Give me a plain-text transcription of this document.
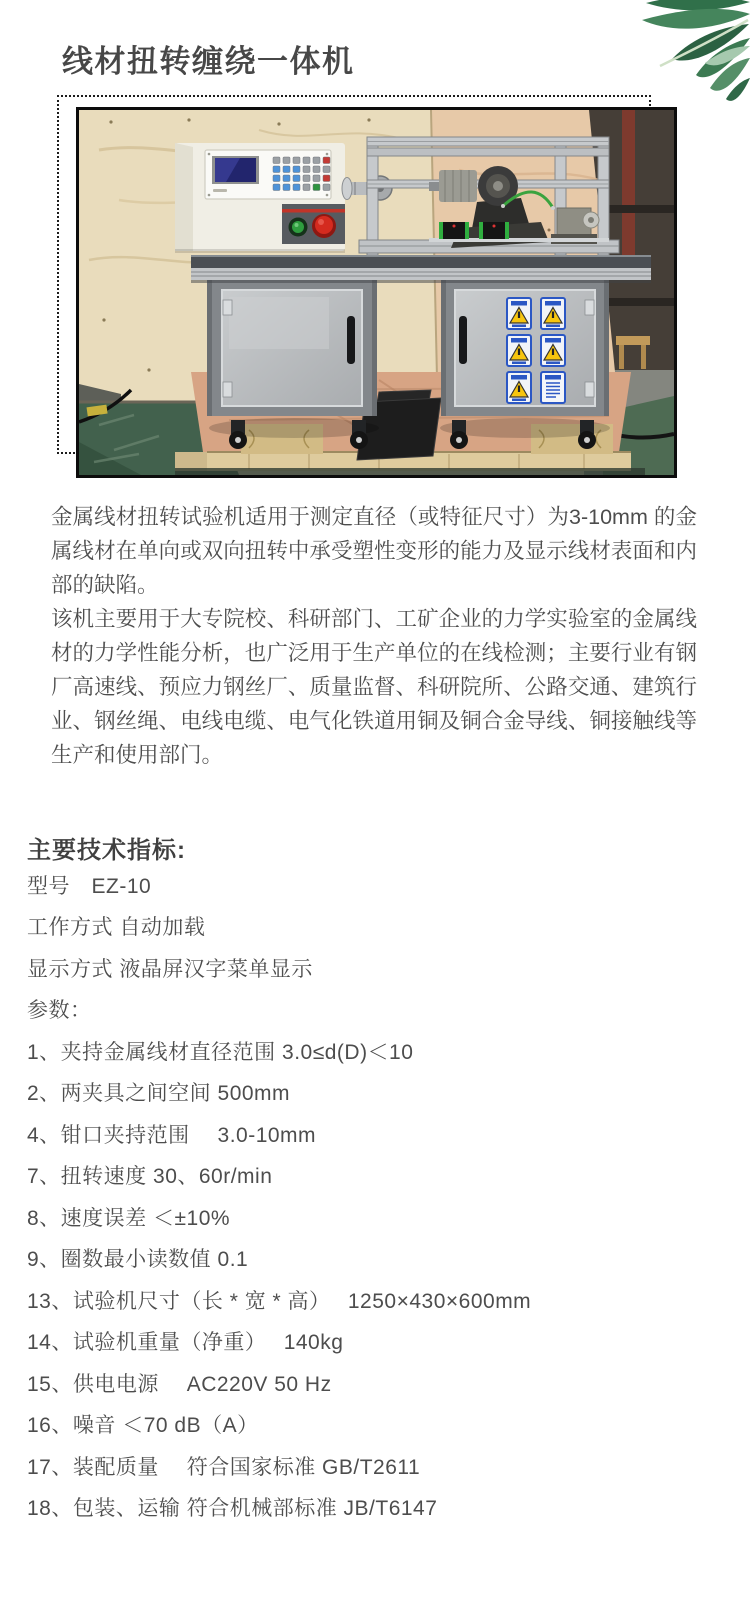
线材扭转缠绕一体机

金属线材扭转试验机适用于测定直径（或特征尺寸）为3-10mm 的金属线材在单向或双向扭转中承受塑性变形的能力及显示线材表面和内部的缺陷。

该机主要用于大专院校、科研部门、工矿企业的力学实验室的金属线材的力学性能分析，也广泛用于生产单位的在线检测；主要行业有钢厂高速线、预应力钢丝厂、质量监督、科研院所、公路交通、建筑行业、钢丝绳、电线电缆、电气化铁道用铜及铜合金导线、铜接触线等生产和使用部门。

主要技术指标:
型号　EZ-10
工作方式 自动加载
显示方式 液晶屏汉字菜单显示
参数：
1、夹持金属线材直径范围 3.0≤d(D)＜10
2、两夹具之间空间 500mm
4、钳口夹持范围　 3.0-10mm
7、扭转速度 30、60r/min
8、速度误差 ＜±10%
9、圈数最小读数值 0.1
13、试验机尺寸（长 * 宽 * 高）　 1250×430×600mm
14、试验机重量（净重）　 140kg
15、供电电源　 AC220V 50 Hz
16、噪音 ＜70 dB（A）
17、装配质量　 符合国家标准 GB/T2611
18、包装、运输 符合机械部标准 JB/T6147
